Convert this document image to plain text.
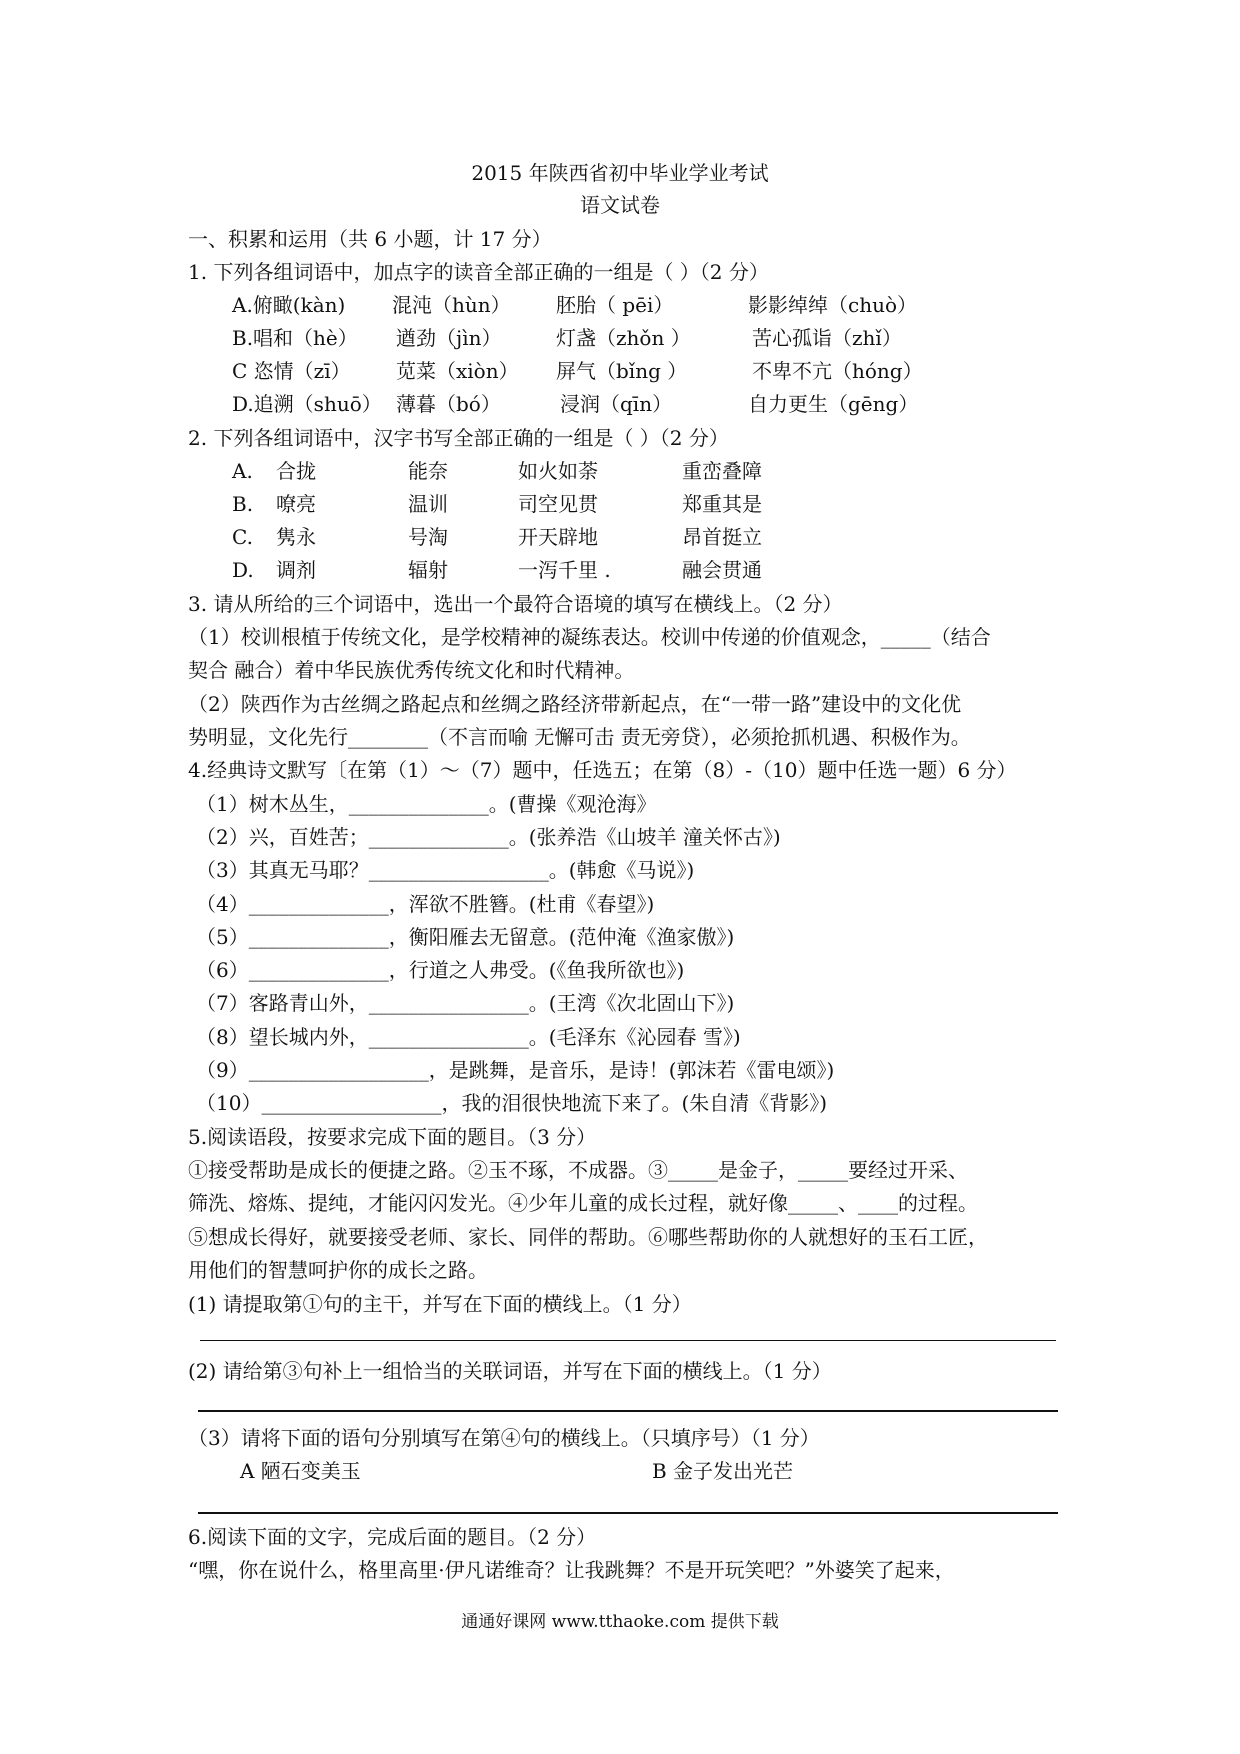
2015 年陕西省初中毕业学业考试
语文试卷
一、积累和运用（共 6 小题，计 17 分）
1. 下列各组词语中，加点字的读音全部正确的一组是（ ）（2 分）
A.俯瞰(kàn) 混沌（hùn） 胚胎（ pēi）	影影绰绰（chuò）
B.唱和（hè） 遒劲（jìn）	灯盏（zhǒn ）	苦心孤诣（zhǐ）
C 恣情（zī） 苋菜（xiòn） 屏气（bǐng ）	不卑不亢（hóng）
D.追溯（shuō） 薄暮（bó）	浸润（qīn）	自力更生（gēng）
2. 下列各组词语中，汉字书写全部正确的一组是（ ）（2 分）
A. 合拢	能奈	如火如荼	重峦叠障
B. 嘹亮	温训	司空见贯	郑重其是
C. 隽永	号淘	开天辟地	昂首挺立
D. 调剂	辐射	一泻千里 .	融会贯通
3. 请从所给的三个词语中，选出一个最符合语境的填写在横线上。（2 分）
（1）校训根植于传统文化，是学校精神的凝练表达。校训中传递的价值观念，_____（结合
契合 融合）着中华民族优秀传统文化和时代精神。
（2）陕西作为古丝绸之路起点和丝绸之路经济带新起点，在“一带一路”建设中的文化优
势明显，文化先行________（不言而喻 无懈可击 责无旁贷），必须抢抓机遇、积极作为。
4.经典诗文默写〔在第（1）～（7）题中，任选五；在第（8）-（10）题中任选一题）6 分）
（1）树木丛生，______________。(曹操《观沧海》
（2）兴，百姓苦；______________。(张养浩《山坡羊 潼关怀古》)
（3）其真无马耶？__________________。(韩愈《马说》)
（4）______________，浑欲不胜簪。(杜甫《春望》)
（5）______________，衡阳雁去无留意。(范仲淹《渔家傲》)
（6）______________，行道之人弗受。(《鱼我所欲也》)
（7）客路青山外，________________。(王湾《次北固山下》)
（8）望长城内外，________________。(毛泽东《沁园春 雪》)
（9）__________________，是跳舞，是音乐，是诗！(郭沫若《雷电颂》)
（10）__________________，我的泪很快地流下来了。(朱自清《背影》)
5.阅读语段，按要求完成下面的题目。（3 分）
①接受帮助是成长的便捷之路。②玉不琢，不成器。③_____是金子，_____要经过开采、
筛洗、熔炼、提纯，才能闪闪发光。④少年儿童的成长过程，就好像_____、____的过程。
⑤想成长得好，就要接受老师、家长、同伴的帮助。⑥哪些帮助你的人就想好的玉石工匠，
用他们的智慧呵护你的成长之路。
(1) 请提取第①句的主干，并写在下面的横线上。（1 分）
(2) 请给第③句补上一组恰当的关联词语，并写在下面的横线上。（1 分）
（3）请将下面的语句分别填写在第④句的横线上。（只填序号）（1 分）
A 陋石变美玉	B 金子发出光芒
6.阅读下面的文字，完成后面的题目。（2 分）
“嘿，你在说什么，格里高里·伊凡诺维奇？让我跳舞？不是开玩笑吧？”外婆笑了起来，
通通好课网 www.tthaoke.com 提供下载
